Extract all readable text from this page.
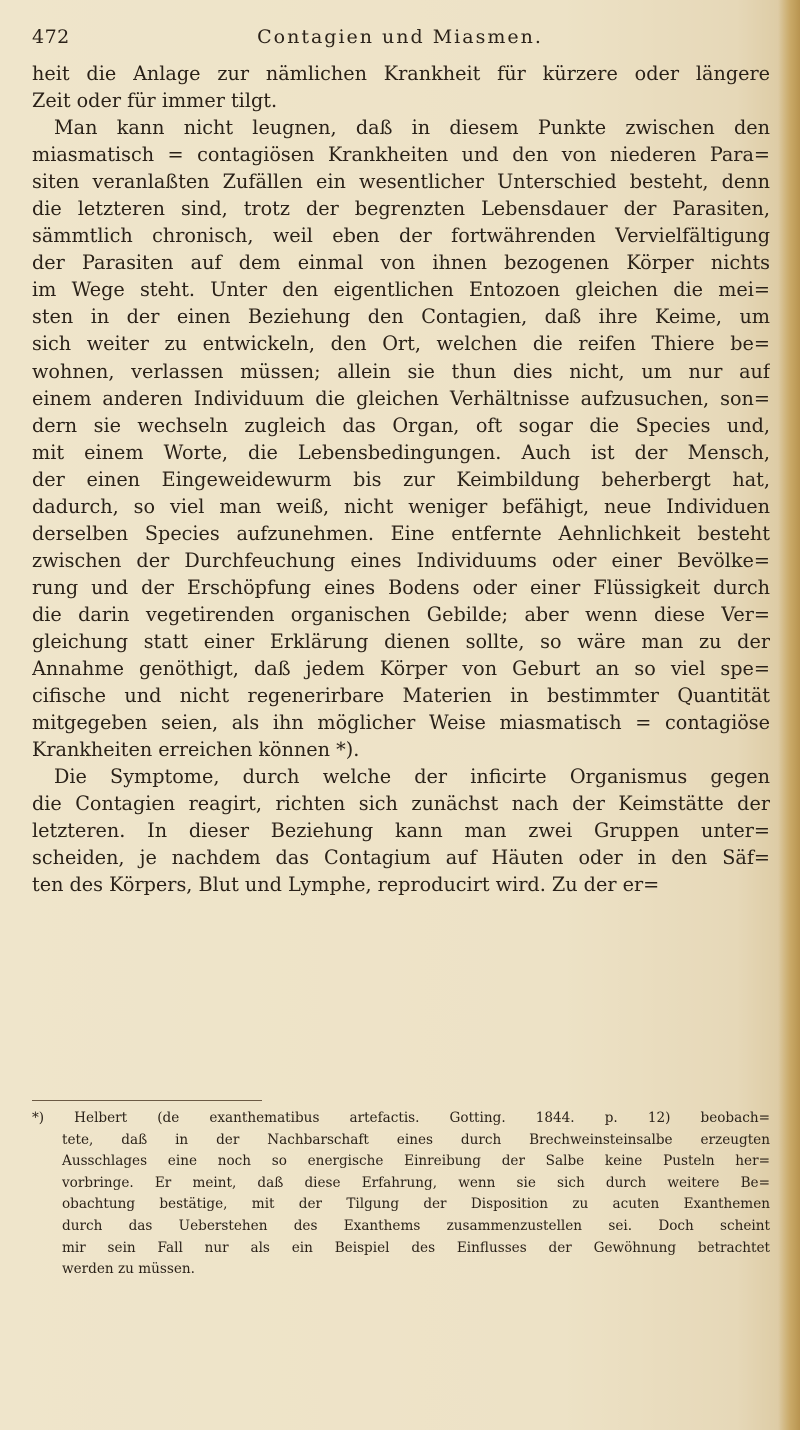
472	Contagien und Miasmen.
heit die Anlage zur nämlichen Krankheit für kürzere oder längere
Zeit oder für immer tilgt.
Man kann nicht leugnen, daß in diesem Punkte zwischen den
miasmatisch = contagiösen Krankheiten und den von niederen Para=
siten veranlaßten Zufällen ein wesentlicher Unterschied besteht, denn
die letzteren sind, trotz der begrenzten Lebensdauer der Parasiten,
sämmtlich chronisch, weil eben der fortwährenden Vervielfältigung
der Parasiten auf dem einmal von ihnen bezogenen Körper nichts
im Wege steht. Unter den eigentlichen Entozoen gleichen die mei=
sten in der einen Beziehung den Contagien, daß ihre Keime, um
sich weiter zu entwickeln, den Ort, welchen die reifen Thiere be=
wohnen, verlassen müssen; allein sie thun dies nicht, um nur auf
einem anderen Individuum die gleichen Verhältnisse aufzusuchen, son=
dern sie wechseln zugleich das Organ, oft sogar die Species und,
mit einem Worte, die Lebensbedingungen. Auch ist der Mensch,
der einen Eingeweidewurm bis zur Keimbildung beherbergt hat,
dadurch, so viel man weiß, nicht weniger befähigt, neue Individuen
derselben Species aufzunehmen. Eine entfernte Aehnlichkeit besteht
zwischen der Durchfeuchung eines Individuums oder einer Bevölke=
rung und der Erschöpfung eines Bodens oder einer Flüssigkeit durch
die darin vegetirenden organischen Gebilde; aber wenn diese Ver=
gleichung statt einer Erklärung dienen sollte, so wäre man zu der
Annahme genöthigt, daß jedem Körper von Geburt an so viel spe=
cifische und nicht regenerirbare Materien in bestimmter Quantität
mitgegeben seien, als ihn möglicher Weise miasmatisch = contagiöse
Krankheiten erreichen können *).
Die Symptome, durch welche der inficirte Organismus gegen
die Contagien reagirt, richten sich zunächst nach der Keimstätte der
letzteren. In dieser Beziehung kann man zwei Gruppen unter=
scheiden, je nachdem das Contagium auf Häuten oder in den Säf=
ten des Körpers, Blut und Lymphe, reproducirt wird. Zu der er=
*) Helbert (de exanthematibus artefactis. Gotting. 1844. p. 12) beobach=
tete, daß in der Nachbarschaft eines durch Brechweinsteinsalbe erzeugten
Ausschlages eine noch so energische Einreibung der Salbe keine Pusteln her=
vorbringe. Er meint, daß diese Erfahrung, wenn sie sich durch weitere Be=
obachtung bestätige, mit der Tilgung der Disposition zu acuten Exanthemen
durch das Ueberstehen des Exanthems zusammenzustellen sei. Doch scheint
mir sein Fall nur als ein Beispiel des Einflusses der Gewöhnung betrachtet
werden zu müssen.
